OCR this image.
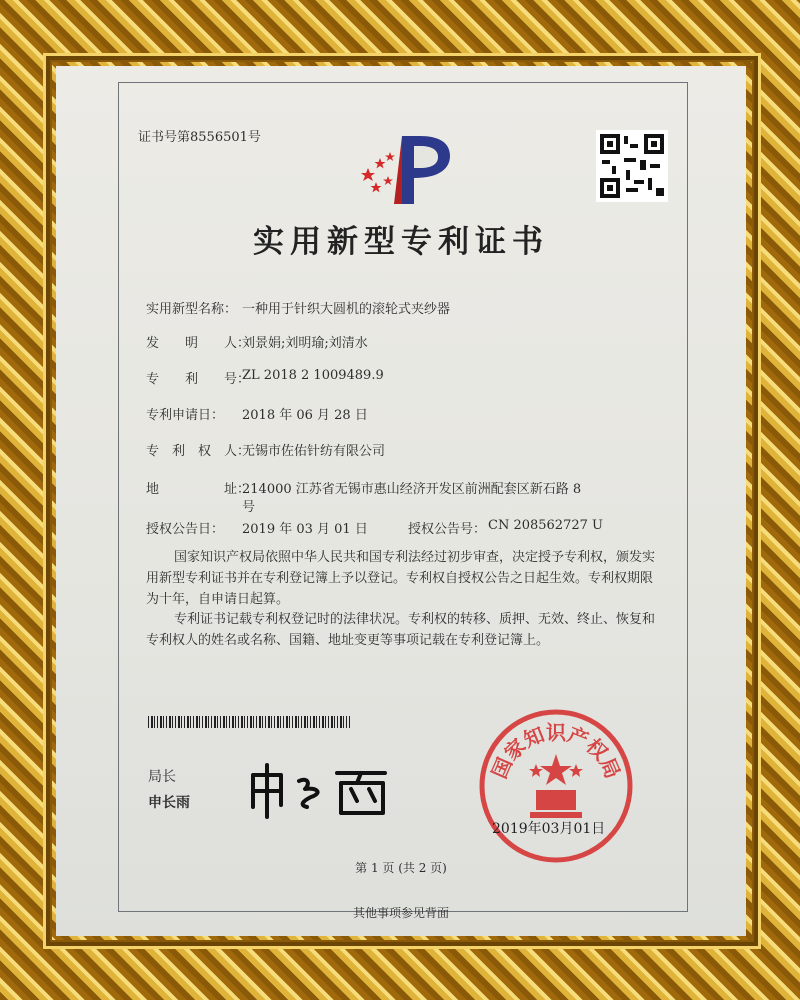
证书号第8556501号
实用新型专利证书
实用新型名称： 一种用于针织大圆机的滚轮式夹纱器
发　　明　　人：
刘景娟;刘明瑜;刘清水
专　　利　　号：
ZL 2018 2 1009489.9
专利申请日： 2018 年 06 月 28 日
专　利　权　人：
无锡市佐佑针纺有限公司
地　　　　　址：
214000 江苏省无锡市惠山经济开发区前洲配套区新石路 8
号
授权公告日： 2019 年 03 月 01 日	授权公告号： CN 208562727 U
国家知识产权局依照中华人民共和国专利法经过初步审查，决定授予专利权，颁发实用新型专利证书并在专利登记簿上予以登记。专利权自授权公告之日起生效。专利权期限为十年，自申请日起算。
专利证书记载专利权登记时的法律状况。专利权的转移、质押、无效、终止、恢复和专利权人的姓名或名称、国籍、地址变更等事项记载在专利登记簿上。
局长
申长雨
国家知识产权局
2019年03月01日
第 1 页 (共 2 页)
其他事项参见背面
